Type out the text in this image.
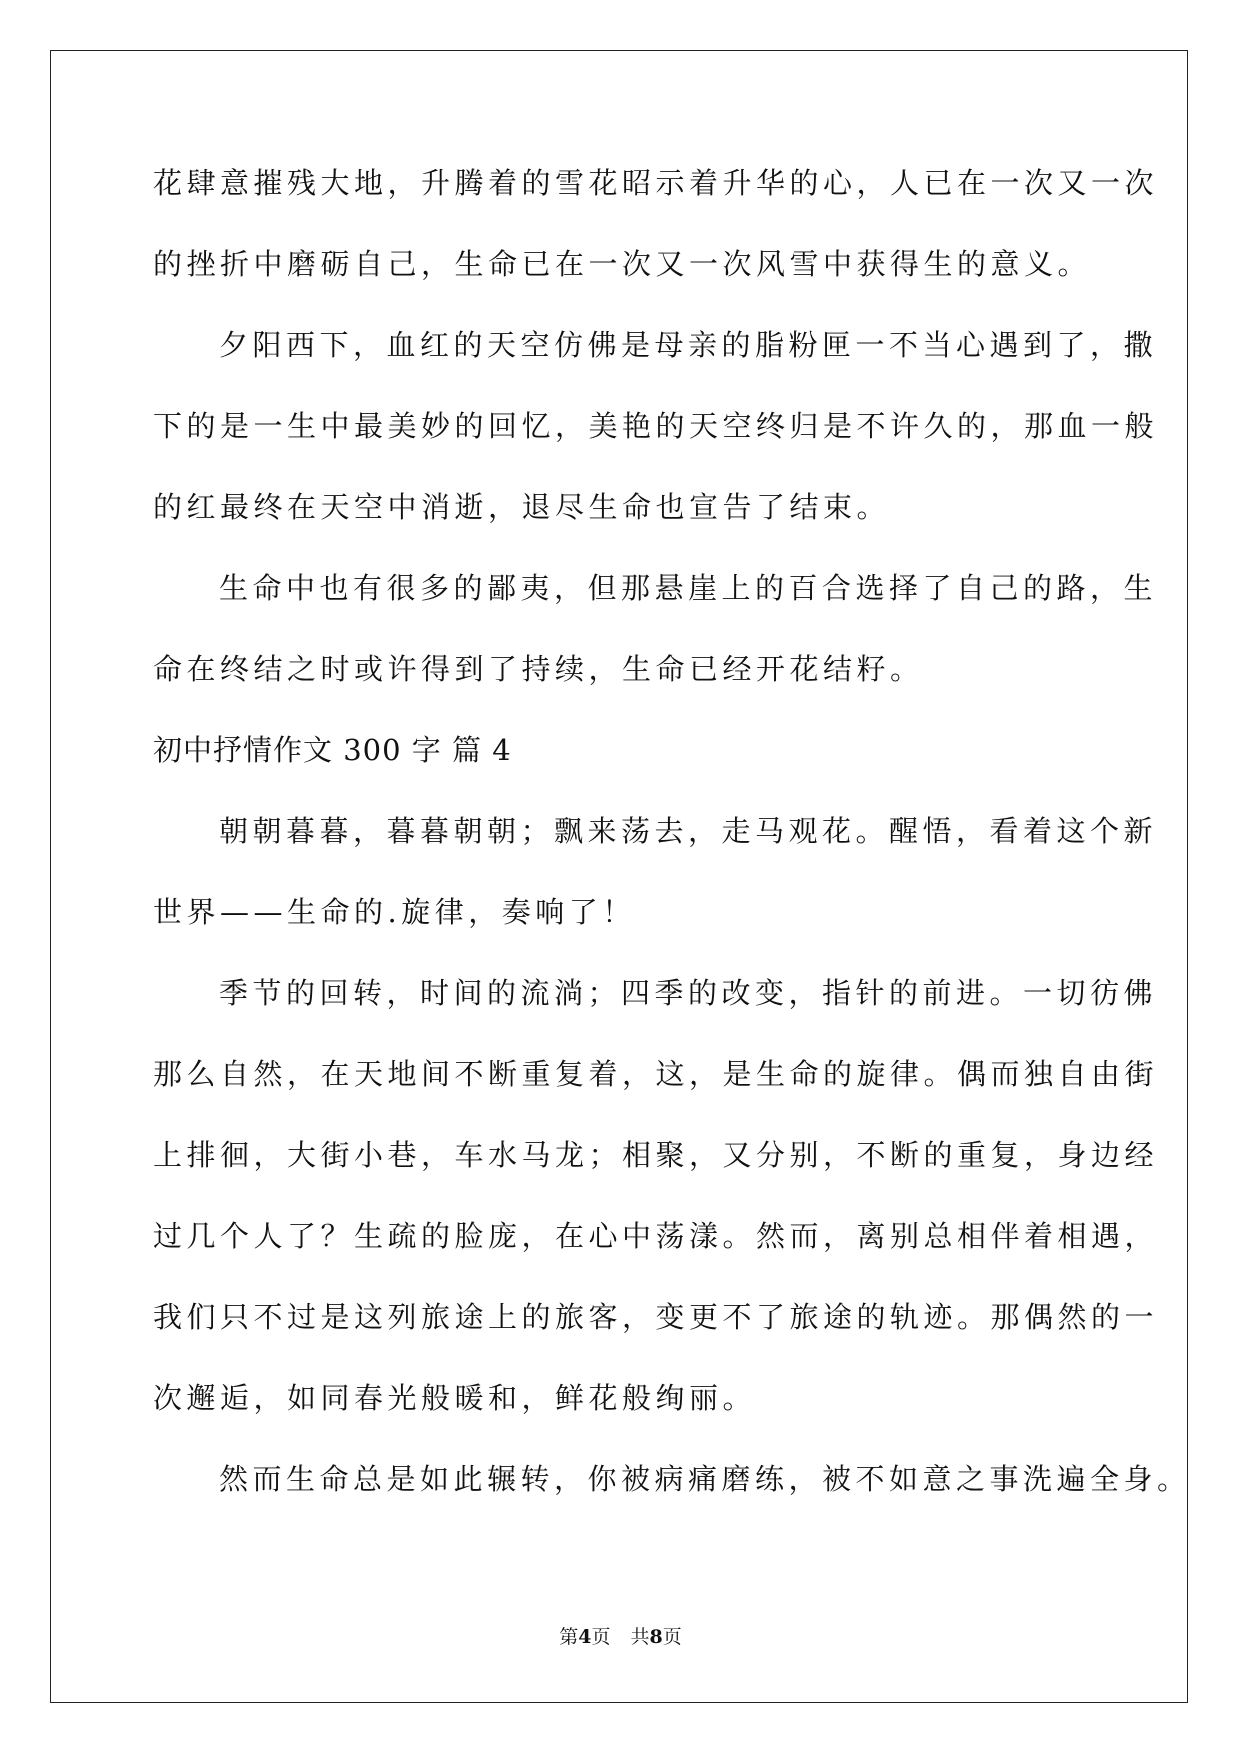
花肆意摧残大地，升腾着的雪花昭示着升华的心，人已在一次又一次
的挫折中磨砺自己，生命已在一次又一次风雪中获得生的意义。
夕阳西下，血红的天空仿佛是母亲的脂粉匣一不当心遇到了，撒
下的是一生中最美妙的回忆，美艳的天空终归是不许久的，那血一般
的红最终在天空中消逝，退尽生命也宣告了结束。
生命中也有很多的鄙夷，但那悬崖上的百合选择了自己的路，生
命在终结之时或许得到了持续，生命已经开花结籽。
初中抒情作文 300 字 篇 4
朝朝暮暮，暮暮朝朝；飘来荡去，走马观花。醒悟，看着这个新
世界——生命的.旋律，奏响了！
季节的回转，时间的流淌；四季的改变，指针的前进。一切彷佛
那么自然，在天地间不断重复着，这，是生命的旋律。偶而独自由街
上排徊，大街小巷，车水马龙；相聚，又分别，不断的重复，身边经
过几个人了？生疏的脸庞，在心中荡漾。然而，离别总相伴着相遇，
我们只不过是这列旅途上的旅客，变更不了旅途的轨迹。那偶然的一
次邂逅，如同春光般暖和，鲜花般绚丽。
然而生命总是如此辗转，你被病痛磨练，被不如意之事洗遍全身。
第4页 共8页
